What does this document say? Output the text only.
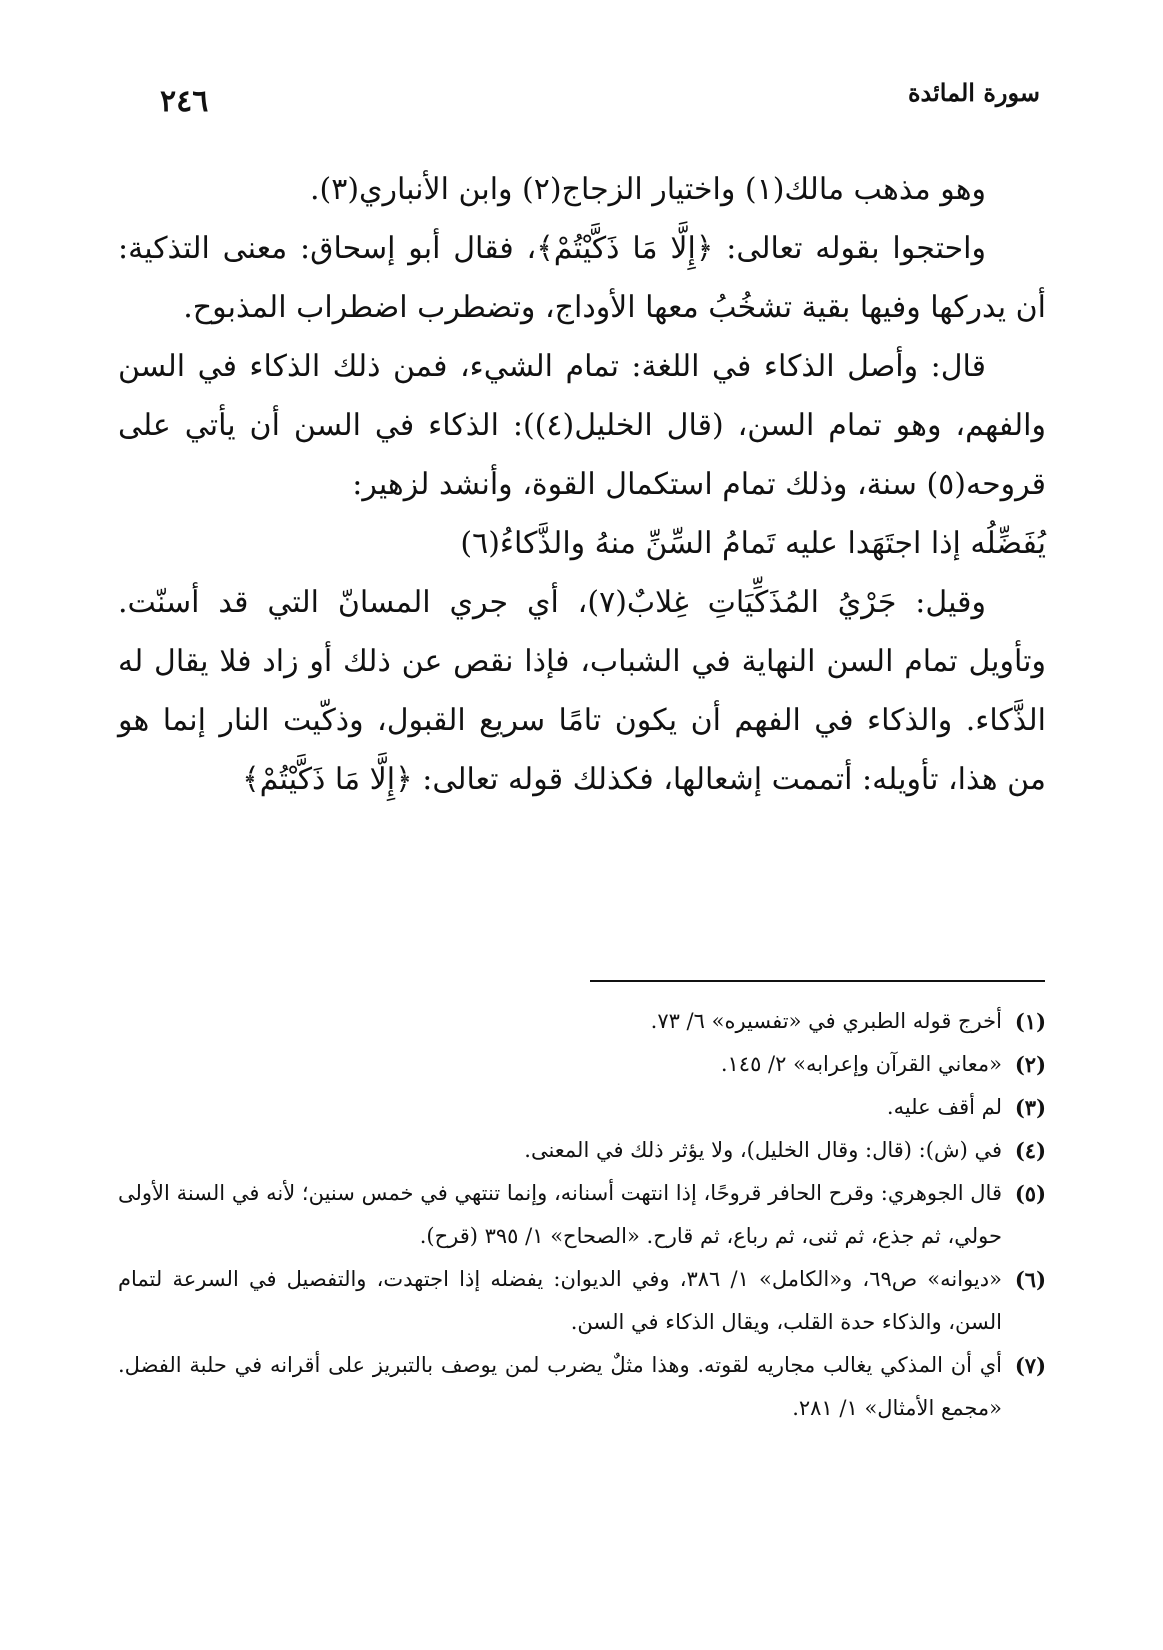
٢٤٦	سورة المائدة

وهو مذهب مالك(١) واختيار الزجاج(٢) وابن الأنباري(٣).

واحتجوا بقوله تعالى: ﴿إِلَّا مَا ذَكَّيْتُمْ﴾، فقال أبو إسحاق: معنى التذكية: أن يدركها وفيها بقية تشخُبُ معها الأوداج، وتضطرب اضطراب المذبوح.

قال: وأصل الذكاء في اللغة: تمام الشيء، فمن ذلك الذكاء في السن والفهم، وهو تمام السن، (قال الخليل(٤)): الذكاء في السن أن يأتي على قروحه(٥) سنة، وذلك تمام استكمال القوة، وأنشد لزهير:

يُفَضِّلُه إذا اجتَهَدا عليه تَمامُ السِّنِّ منهُ والذَّكاءُ(٦)

وقيل: جَرْيُ المُذَكِّيَاتِ غِلابٌ(٧)، أي جري المسانّ التي قد أسنّت. وتأويل تمام السن النهاية في الشباب، فإذا نقص عن ذلك أو زاد فلا يقال له الذَّكاء. والذكاء في الفهم أن يكون تامًا سريع القبول، وذكّيت النار إنما هو من هذا، تأويله: أتممت إشعالها، فكذلك قوله تعالى: ﴿إِلَّا مَا ذَكَّيْتُمْ﴾

(١)
أخرج قوله الطبري في «تفسيره» ٦/ ٧٣.
(٢)
«معاني القرآن وإعرابه» ٢/ ١٤٥.
(٣)
لم أقف عليه.
(٤)
في (ش): (قال: وقال الخليل)، ولا يؤثر ذلك في المعنى.
(٥)
قال الجوهري: وقرح الحافر قروحًا، إذا انتهت أسنانه، وإنما تنتهي في خمس سنين؛ لأنه في السنة الأولى حولي، ثم جذع، ثم ثنى، ثم رباع، ثم قارح. «الصحاح» ١/ ٣٩٥ (قرح).
(٦)
«ديوانه» ص٦٩، و«الكامل» ١/ ٣٨٦، وفي الديوان: يفضله إذا اجتهدت، والتفصيل في السرعة لتمام السن، والذكاء حدة القلب، ويقال الذكاء في السن.
(٧)
أي أن المذكي يغالب مجاريه لقوته. وهذا مثلٌ يضرب لمن يوصف بالتبريز على أقرانه في حلبة الفضل. «مجمع الأمثال» ١/ ٢٨١.
